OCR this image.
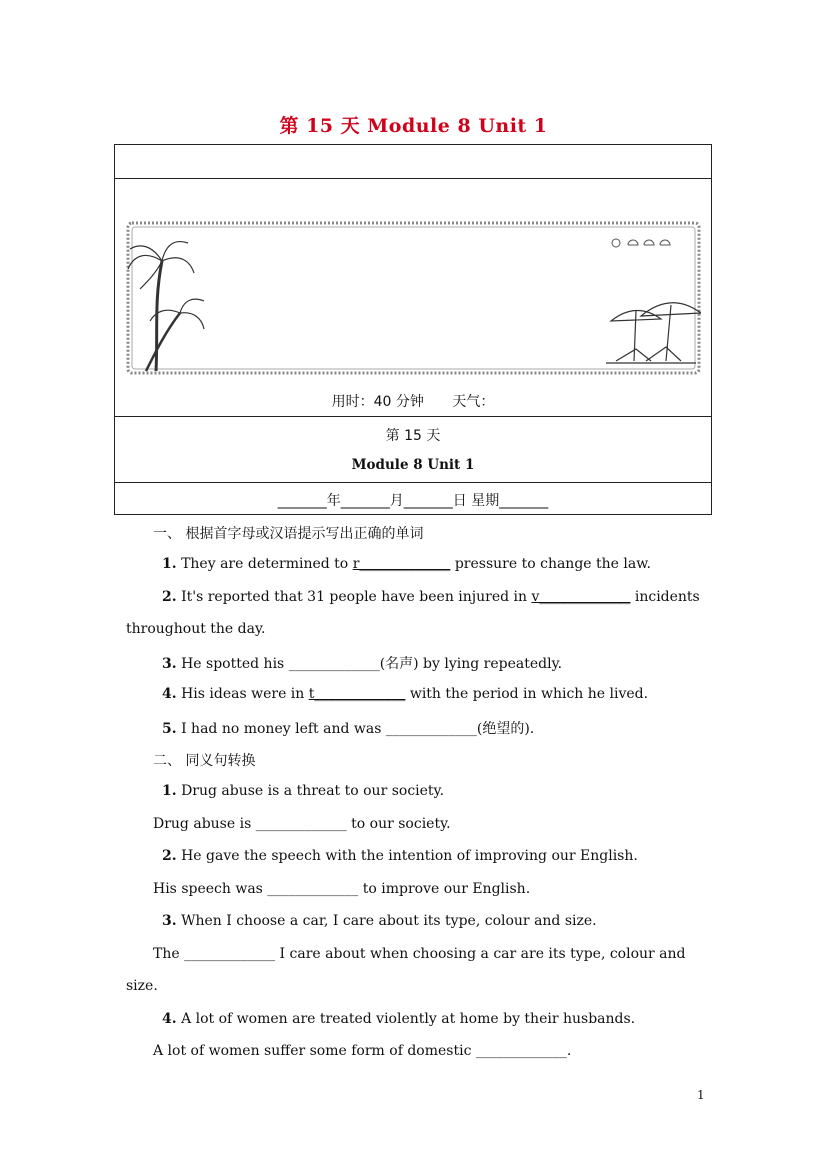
第 15 天 Module 8 Unit 1
用时：40 分钟 天气：
第 15 天
Module 8 Unit 1
_______年_______月_______日 星期_______
一、 根据首字母或汉语提示写出正确的单词
1. They are determined to r_____________ pressure to change the law.
2. It's reported that 31 people have been injured in v_____________ incidents
throughout the day.
3. He spotted his _____________(名声) by lying repeatedly.
4. His ideas were in t_____________ with the period in which he lived.
5. I had no money left and was _____________(绝望的).
二、 同义句转换
1. Drug abuse is a threat to our society.
Drug abuse is _____________ to our society.
2. He gave the speech with the intention of improving our English.
His speech was _____________ to improve our English.
3. When I choose a car, I care about its type, colour and size.
The _____________ I care about when choosing a car are its type, colour and
size.
4. A lot of women are treated violently at home by their husbands.
A lot of women suffer some form of domestic _____________.
1
